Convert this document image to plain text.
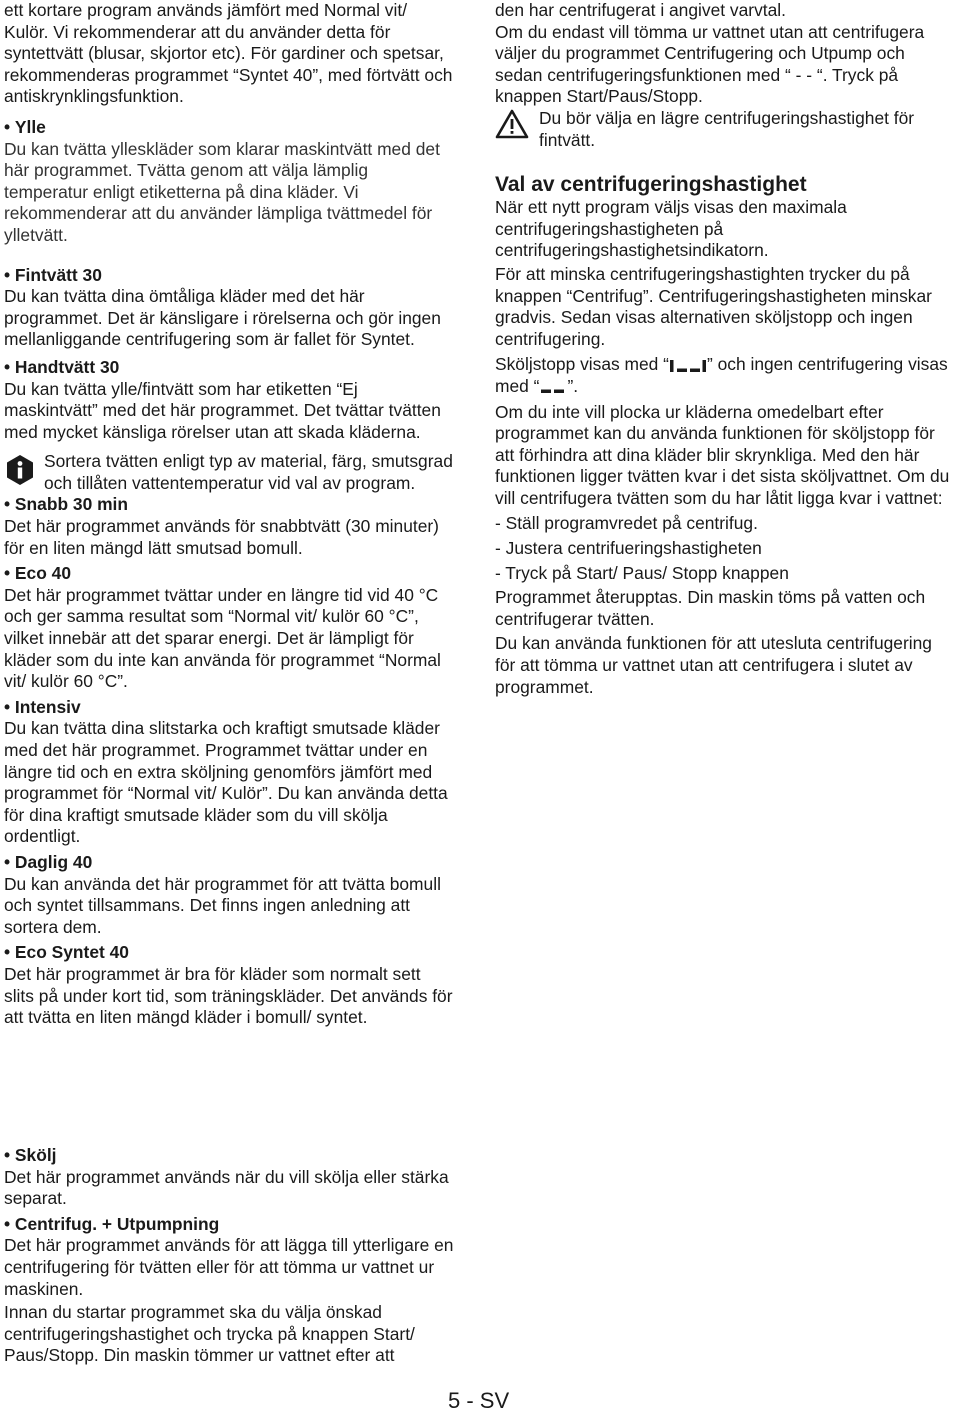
ett kortare program används jämfört med Normal vit/ Kulör. Vi rekommenderar att du använder detta för syntettvätt (blusar, skjortor etc). För gardiner och spetsar, rekommenderas programmet “Syntet 40”, med förtvätt och antiskrynklingsfunktion.

• Ylle

Du kan tvätta ylleskläder som klarar maskintvätt med det här programmet. Tvätta genom att välja lämplig temperatur enligt etiketterna på dina kläder. Vi rekommenderar att du använder lämpliga tvättmedel för ylletvätt.

• Fintvätt 30

Du kan tvätta dina ömtåliga kläder med det här programmet. Det är känsligare i rörelserna och gör ingen mellanliggande centrifugering som är fallet för Syntet.

• Handtvätt 30

Du kan tvätta ylle/fintvätt som har etiketten “Ej maskintvätt” med det här programmet. Det tvättar tvätten med mycket känsliga rörelser utan att skada kläderna.

Sortera tvätten enligt typ av material, färg, smutsgrad och tillåten vattentemperatur vid val av program.

• Snabb 30 min

Det här programmet används för snabbtvätt (30 minuter) för en liten mängd lätt smutsad bomull.

• Eco 40

Det här programmet tvättar under en längre tid vid 40 °C och ger samma resultat som “Normal vit/ kulör 60 °C”, vilket innebär att det sparar energi. Det är lämpligt för kläder som du inte kan använda för programmet “Normal vit/ kulör 60 °C”.

• Intensiv

Du kan tvätta dina slitstarka och kraftigt smutsade kläder med det här programmet. Programmet tvättar under en längre tid och en extra sköljning genomförs jämfört med programmet för “Normal vit/ Kulör”. Du kan använda detta för dina kraftigt smutsade kläder som du vill skölja ordentligt.

• Daglig 40

Du kan använda det här programmet för att tvätta bomull och syntet tillsammans. Det finns ingen anledning att sortera dem.

• Eco Syntet 40

Det här programmet är bra för kläder som normalt sett slits på under kort tid, som träningskläder. Det används för att tvätta en liten mängd kläder i bomull/ syntet.

• Skölj

Det här programmet används när du vill skölja eller stärka separat.

• Centrifug. + Utpumpning

Det här programmet används för att lägga till ytterligare en centrifugering för tvätten eller för att tömma ur vattnet ur maskinen.

Innan du startar programmet ska du välja önskad centrifugeringshastighet och trycka på knappen Start/ Paus/Stopp. Din maskin tömmer ur vattnet efter att

den har centrifugerat i angivet varvtal.

Om du endast vill tömma ur vattnet utan att centrifugera väljer du programmet Centrifugering och Utpump och sedan centrifugeringsfunktionen med “ - - “. Tryck på knappen Start/Paus/Stopp.

Du bör välja en lägre centrifugeringshastighet för fintvätt.

Val av centrifugeringshastighet

När ett nytt program väljs visas den maximala centrifugeringshastigheten på centrifugeringshastighetsindikatorn.

För att minska centrifugeringshastighten trycker du på knappen “Centrifug”. Centrifugeringshastigheten minskar gradvis. Sedan visas alternativen sköljstopp och ingen centrifugering.

Sköljstopp visas med “ ” och ingen centrifugering visas med “ ”.

Om du inte vill plocka ur kläderna omedelbart efter programmet kan du använda funktionen för sköljstopp för att förhindra att dina kläder blir skrynkliga. Med den här funktionen ligger tvätten kvar i det sista sköljvattnet. Om du vill centrifugera tvätten som du har låtit ligga kvar i vattnet:

- Ställ programvredet på centrifug.

- Justera centrifueringshastigheten

- Tryck på Start/ Paus/ Stopp knappen

Programmet återupptas. Din maskin töms på vatten och centrifugerar tvätten.

Du kan använda funktionen för att utesluta centrifugering för att tömma ur vattnet utan att centrifugera i slutet av programmet.

5 - SV
